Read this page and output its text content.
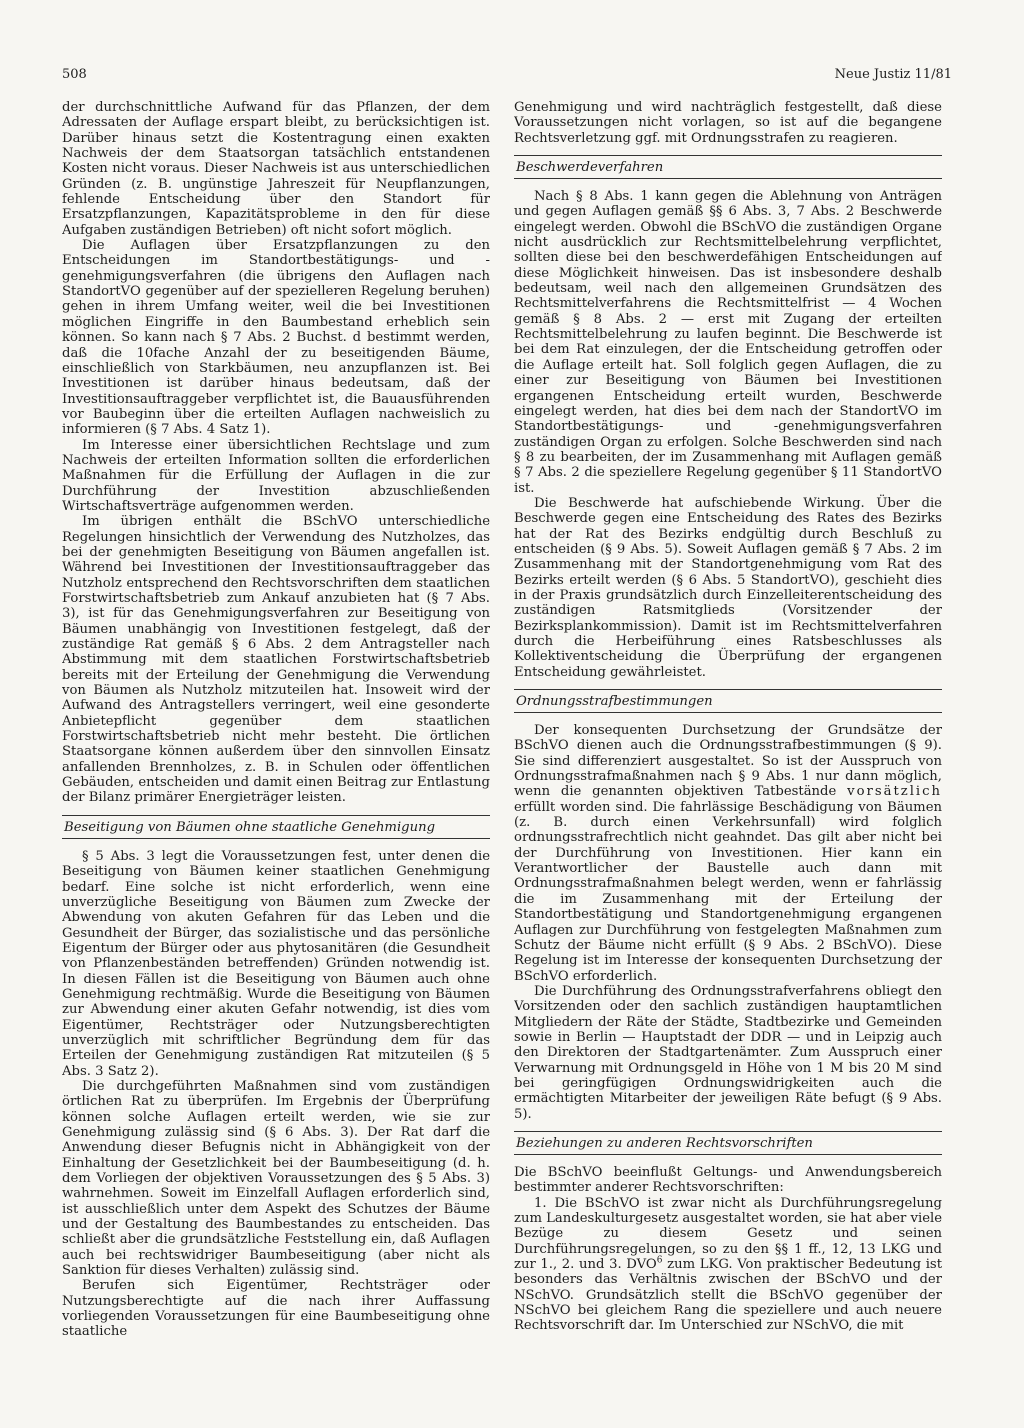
508	Neue Justiz 11/81

der durchschnittliche Aufwand für das Pflanzen, der dem Adressaten der Auflage erspart bleibt, zu berücksichtigen ist. Darüber hinaus setzt die Kostentragung einen exakten Nachweis der dem Staatsorgan tatsächlich entstandenen Kosten nicht voraus. Dieser Nachweis ist aus unterschiedlichen Gründen (z. B. ungünstige Jahreszeit für Neupflanzungen, fehlende Entscheidung über den Standort für Ersatzpflanzungen, Kapazitätsprobleme in den für diese Aufgaben zuständigen Betrieben) oft nicht sofort möglich.

Die Auflagen über Ersatzpflanzungen zu den Entscheidungen im Standortbestätigungs- und -genehmigungsverfahren (die übrigens den Auflagen nach StandortVO gegenüber auf der spezielleren Regelung beruhen) gehen in ihrem Umfang weiter, weil die bei Investitionen möglichen Eingriffe in den Baumbestand erheblich sein können. So kann nach § 7 Abs. 2 Buchst. d bestimmt werden, daß die 10fache Anzahl der zu beseitigenden Bäume, einschließlich von Starkbäumen, neu anzupflanzen ist. Bei Investitionen ist darüber hinaus bedeutsam, daß der Investitionsauftraggeber verpflichtet ist, die Bauausführenden vor Baubeginn über die erteilten Auflagen nachweislich zu informieren (§ 7 Abs. 4 Satz 1).

Im Interesse einer übersichtlichen Rechtslage und zum Nachweis der erteilten Information sollten die erforderlichen Maßnahmen für die Erfüllung der Auflagen in die zur Durchführung der Investition abzuschließenden Wirtschaftsverträge aufgenommen werden.

Im übrigen enthält die BSchVO unterschiedliche Regelungen hinsichtlich der Verwendung des Nutzholzes, das bei der genehmigten Beseitigung von Bäumen angefallen ist. Während bei Investitionen der Investitionsauftraggeber das Nutzholz entsprechend den Rechtsvorschriften dem staatlichen Forstwirtschaftsbetrieb zum Ankauf anzubieten hat (§ 7 Abs. 3), ist für das Genehmigungsverfahren zur Beseitigung von Bäumen unabhängig von Investitionen festgelegt, daß der zuständige Rat gemäß § 6 Abs. 2 dem Antragsteller nach Abstimmung mit dem staatlichen Forstwirtschaftsbetrieb bereits mit der Erteilung der Genehmigung die Verwendung von Bäumen als Nutzholz mitzuteilen hat. Insoweit wird der Aufwand des Antragstellers verringert, weil eine gesonderte Anbietepflicht gegenüber dem staatlichen Forstwirtschaftsbetrieb nicht mehr besteht. Die örtlichen Staatsorgane können außerdem über den sinnvollen Einsatz anfallenden Brennholzes, z. B. in Schulen oder öffentlichen Gebäuden, entscheiden und damit einen Beitrag zur Entlastung der Bilanz primärer Energieträger leisten.

Beseitigung von Bäumen ohne staatliche Genehmigung

§ 5 Abs. 3 legt die Voraussetzungen fest, unter denen die Beseitigung von Bäumen keiner staatlichen Genehmigung bedarf. Eine solche ist nicht erforderlich, wenn eine unverzügliche Beseitigung von Bäumen zum Zwecke der Abwendung von akuten Gefahren für das Leben und die Gesundheit der Bürger, das sozialistische und das persönliche Eigentum der Bürger oder aus phytosanitären (die Gesundheit von Pflanzenbeständen betreffenden) Gründen notwendig ist. In diesen Fällen ist die Beseitigung von Bäumen auch ohne Genehmigung rechtmäßig. Wurde die Beseitigung von Bäumen zur Abwendung einer akuten Gefahr notwendig, ist dies vom Eigentümer, Rechtsträger oder Nutzungsberechtigten unverzüglich mit schriftlicher Begründung dem für das Erteilen der Genehmigung zuständigen Rat mitzuteilen (§ 5 Abs. 3 Satz 2).

Die durchgeführten Maßnahmen sind vom zuständigen örtlichen Rat zu überprüfen. Im Ergebnis der Überprüfung können solche Auflagen erteilt werden, wie sie zur Genehmigung zulässig sind (§ 6 Abs. 3). Der Rat darf die Anwendung dieser Befugnis nicht in Abhängigkeit von der Einhaltung der Gesetzlichkeit bei der Baumbeseitigung (d. h. dem Vorliegen der objektiven Voraussetzungen des § 5 Abs. 3) wahrnehmen. Soweit im Einzelfall Auflagen erforderlich sind, ist ausschließlich unter dem Aspekt des Schutzes der Bäume und der Gestaltung des Baumbestandes zu entscheiden. Das schließt aber die grundsätzliche Feststellung ein, daß Auflagen auch bei rechtswidriger Baumbeseitigung (aber nicht als Sanktion für dieses Verhalten) zulässig sind.

Berufen sich Eigentümer, Rechtsträger oder Nutzungsberechtigte auf die nach ihrer Auffassung vorliegenden Voraussetzungen für eine Baumbeseitigung ohne staatliche

Genehmigung und wird nachträglich festgestellt, daß diese Voraussetzungen nicht vorlagen, so ist auf die begangene Rechtsverletzung ggf. mit Ordnungsstrafen zu reagieren.

Beschwerdeverfahren

Nach § 8 Abs. 1 kann gegen die Ablehnung von Anträgen und gegen Auflagen gemäß §§ 6 Abs. 3, 7 Abs. 2 Beschwerde eingelegt werden. Obwohl die BSchVO die zuständigen Organe nicht ausdrücklich zur Rechtsmittelbelehrung verpflichtet, sollten diese bei den beschwerdefähigen Entscheidungen auf diese Möglichkeit hinweisen. Das ist insbesondere deshalb bedeutsam, weil nach den allgemeinen Grundsätzen des Rechtsmittelverfahrens die Rechtsmittelfrist — 4 Wochen gemäß § 8 Abs. 2 — erst mit Zugang der erteilten Rechtsmittelbelehrung zu laufen beginnt. Die Beschwerde ist bei dem Rat einzulegen, der die Entscheidung getroffen oder die Auflage erteilt hat. Soll folglich gegen Auflagen, die zu einer zur Beseitigung von Bäumen bei Investitionen ergangenen Entscheidung erteilt wurden, Beschwerde eingelegt werden, hat dies bei dem nach der StandortVO im Standortbestätigungs- und -genehmigungsverfahren zuständigen Organ zu erfolgen. Solche Beschwerden sind nach § 8 zu bearbeiten, der im Zusammenhang mit Auflagen gemäß § 7 Abs. 2 die speziellere Regelung gegenüber § 11 StandortVO ist.

Die Beschwerde hat aufschiebende Wirkung. Über die Beschwerde gegen eine Entscheidung des Rates des Bezirks hat der Rat des Bezirks endgültig durch Beschluß zu entscheiden (§ 9 Abs. 5). Soweit Auflagen gemäß § 7 Abs. 2 im Zusammenhang mit der Standortgenehmigung vom Rat des Bezirks erteilt werden (§ 6 Abs. 5 StandortVO), geschieht dies in der Praxis grundsätzlich durch Einzelleiterentscheidung des zuständigen Ratsmitglieds (Vorsitzender der Bezirksplankommission). Damit ist im Rechtsmittelverfahren durch die Herbeiführung eines Ratsbeschlusses als Kollektiventscheidung die Überprüfung der ergangenen Entscheidung gewährleistet.

Ordnungsstrafbestimmungen

Der konsequenten Durchsetzung der Grundsätze der BSchVO dienen auch die Ordnungsstrafbestimmungen (§ 9). Sie sind differenziert ausgestaltet. So ist der Ausspruch von Ordnungsstrafmaßnahmen nach § 9 Abs. 1 nur dann möglich, wenn die genannten objektiven Tatbestände vorsätzlich erfüllt worden sind. Die fahrlässige Beschädigung von Bäumen (z. B. durch einen Verkehrsunfall) wird folglich ordnungsstrafrechtlich nicht geahndet. Das gilt aber nicht bei der Durchführung von Investitionen. Hier kann ein Verantwortlicher der Baustelle auch dann mit Ordnungsstrafmaßnahmen belegt werden, wenn er fahrlässig die im Zusammenhang mit der Erteilung der Standortbestätigung und Standortgenehmigung ergangenen Auflagen zur Durchführung von festgelegten Maßnahmen zum Schutz der Bäume nicht erfüllt (§ 9 Abs. 2 BSchVO). Diese Regelung ist im Interesse der konsequenten Durchsetzung der BSchVO erforderlich.

Die Durchführung des Ordnungsstrafverfahrens obliegt den Vorsitzenden oder den sachlich zuständigen hauptamtlichen Mitgliedern der Räte der Städte, Stadtbezirke und Gemeinden sowie in Berlin — Hauptstadt der DDR — und in Leipzig auch den Direktoren der Stadtgartenämter. Zum Ausspruch einer Verwarnung mit Ordnungsgeld in Höhe von 1 M bis 20 M sind bei geringfügigen Ordnungswidrigkeiten auch die ermächtigten Mitarbeiter der jeweiligen Räte befugt (§ 9 Abs. 5).

Beziehungen zu anderen Rechtsvorschriften

Die BSchVO beeinflußt Geltungs- und Anwendungsbereich bestimmter anderer Rechtsvorschriften:

1. Die BSchVO ist zwar nicht als Durchführungsregelung zum Landeskulturgesetz ausgestaltet worden, sie hat aber viele Bezüge zu diesem Gesetz und seinen Durchführungsregelungen, so zu den §§ 1 ff., 12, 13 LKG und zur 1., 2. und 3. DVO$^6$ zum LKG. Von praktischer Bedeutung ist besonders das Verhältnis zwischen der BSchVO und der NSchVO. Grundsätzlich stellt die BSchVO gegenüber der NSchVO bei gleichem Rang die speziellere und auch neuere Rechtsvorschrift dar. Im Unterschied zur NSchVO, die mit
